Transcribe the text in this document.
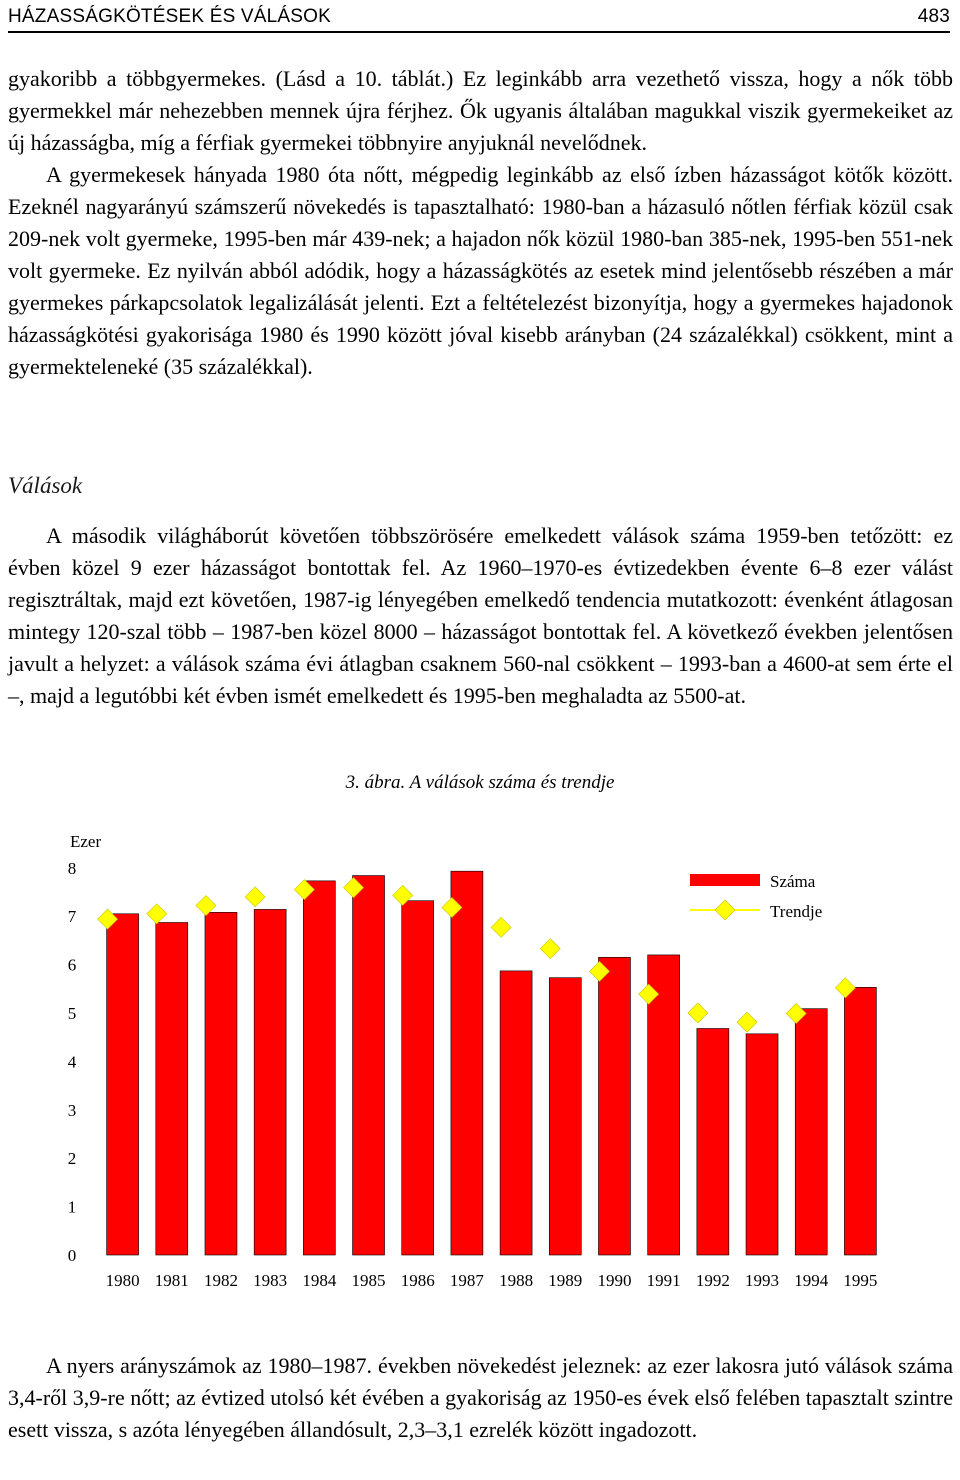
HÁZASSÁGKÖTÉSEK ÉS VÁLÁSOK	483

gyakoribb a többgyermekes. (Lásd a 10. táblát.) Ez leginkább arra vezethető vissza, hogy a nők több gyermekkel már nehezebben mennek újra férjhez. Ők ugyanis általában magukkal viszik gyermekeiket az új házasságba, míg a férfiak gyermekei többnyire anyjuknál nevelődnek.

A gyermekesek hányada 1980 óta nőtt, mégpedig leginkább az első ízben házasságot kötők között. Ezeknél nagyarányú számszerű növekedés is tapasztalható: 1980-ban a házasuló nőtlen férfiak közül csak 209-nek volt gyermeke, 1995-ben már 439-nek; a hajadon nők közül 1980-ban 385-nek, 1995-ben 551-nek volt gyermeke. Ez nyilván abból adódik, hogy a házasságkötés az esetek mind jelentősebb részében a már gyermekes párkapcsolatok legalizálását jelenti. Ezt a feltételezést bizonyítja, hogy a gyermekes hajadonok házasságkötési gyakorisága 1980 és 1990 között jóval kisebb arányban (24 százalékkal) csökkent, mint a gyermekteleneké (35 százalékkal).

Válások

A második világháborút követően többszörösére emelkedett válások száma 1959-ben tetőzött: ez évben közel 9 ezer házasságot bontottak fel. Az 1960–1970-es évtizedekben évente 6–8 ezer válást regisztráltak, majd ezt követően, 1987-ig lényegében emelkedő tendencia mutatkozott: évenként átlagosan mintegy 120-szal több – 1987-ben közel 8000 – házasságot bontottak fel. A következő években jelentősen javult a helyzet: a válások száma évi átlagban csaknem 560-nal csökkent – 1993-ban a 4600-at sem érte el –, majd a legutóbbi két évben ismét emelkedett és 1995-ben meghaladta az 5500-at.

3. ábra. A válások száma és trendje
Ezer
0
1
2
3
4
5
6
7
8
1980 1981 1982 1983 1984 1985 1986 1987 1988 1989 1990 1991 1992 1993 1994 1995
Száma
Trendje

A nyers arányszámok az 1980–1987. években növekedést jeleznek: az ezer lakosra jutó válások száma 3,4-ről 3,9-re nőtt; az évtized utolsó két évében a gyakoriság az 1950-es évek első felében tapasztalt szintre esett vissza, s azóta lényegében állandósult, 2,3–3,1 ezrelék között ingadozott.
